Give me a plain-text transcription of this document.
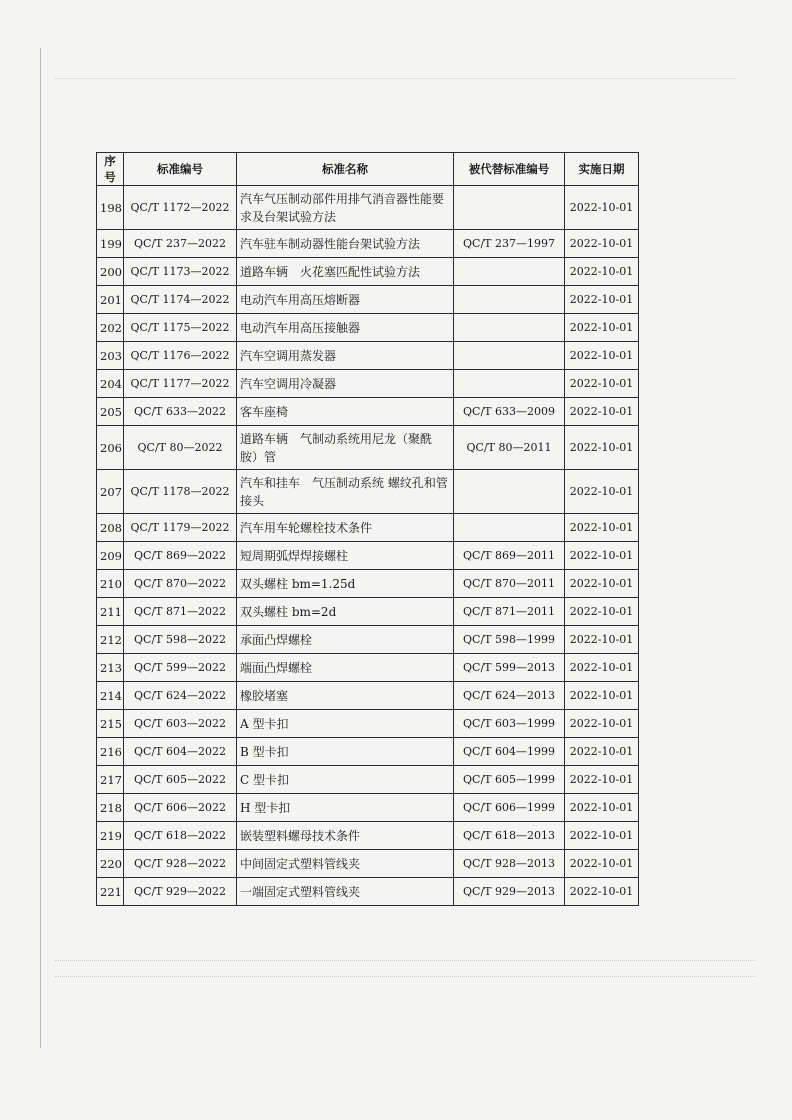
序号	标准编号	标准名称	被代替标准编号	实施日期
198	QC/T 1172—2022	汽车气压制动部件用排气消音器性能要求及台架试验方法		2022-10-01
199	QC/T 237—2022	汽车驻车制动器性能台架试验方法	QC/T 237—1997	2022-10-01
200	QC/T 1173—2022	道路车辆　火花塞匹配性试验方法		2022-10-01
201	QC/T 1174—2022	电动汽车用高压熔断器		2022-10-01
202	QC/T 1175—2022	电动汽车用高压接触器		2022-10-01
203	QC/T 1176—2022	汽车空调用蒸发器		2022-10-01
204	QC/T 1177—2022	汽车空调用冷凝器		2022-10-01
205	QC/T 633—2022	客车座椅	QC/T 633—2009	2022-10-01
206	QC/T 80—2022	道路车辆　气制动系统用尼龙（聚酰胺）管	QC/T 80—2011	2022-10-01
207	QC/T 1178—2022	汽车和挂车　气压制动系统 螺纹孔和管接头		2022-10-01
208	QC/T 1179—2022	汽车用车轮螺栓技术条件		2022-10-01
209	QC/T 869—2022	短周期弧焊焊接螺柱	QC/T 869—2011	2022-10-01
210	QC/T 870—2022	双头螺柱 bm=1.25d	QC/T 870—2011	2022-10-01
211	QC/T 871—2022	双头螺柱 bm=2d	QC/T 871—2011	2022-10-01
212	QC/T 598—2022	承面凸焊螺栓	QC/T 598—1999	2022-10-01
213	QC/T 599—2022	端面凸焊螺栓	QC/T 599—2013	2022-10-01
214	QC/T 624—2022	橡胶堵塞	QC/T 624—2013	2022-10-01
215	QC/T 603—2022	A 型卡扣	QC/T 603—1999	2022-10-01
216	QC/T 604—2022	B 型卡扣	QC/T 604—1999	2022-10-01
217	QC/T 605—2022	C 型卡扣	QC/T 605—1999	2022-10-01
218	QC/T 606—2022	H 型卡扣	QC/T 606—1999	2022-10-01
219	QC/T 618—2022	嵌装塑料螺母技术条件	QC/T 618—2013	2022-10-01
220	QC/T 928—2022	中间固定式塑料管线夹	QC/T 928—2013	2022-10-01
221	QC/T 929—2022	一端固定式塑料管线夹	QC/T 929—2013	2022-10-01
